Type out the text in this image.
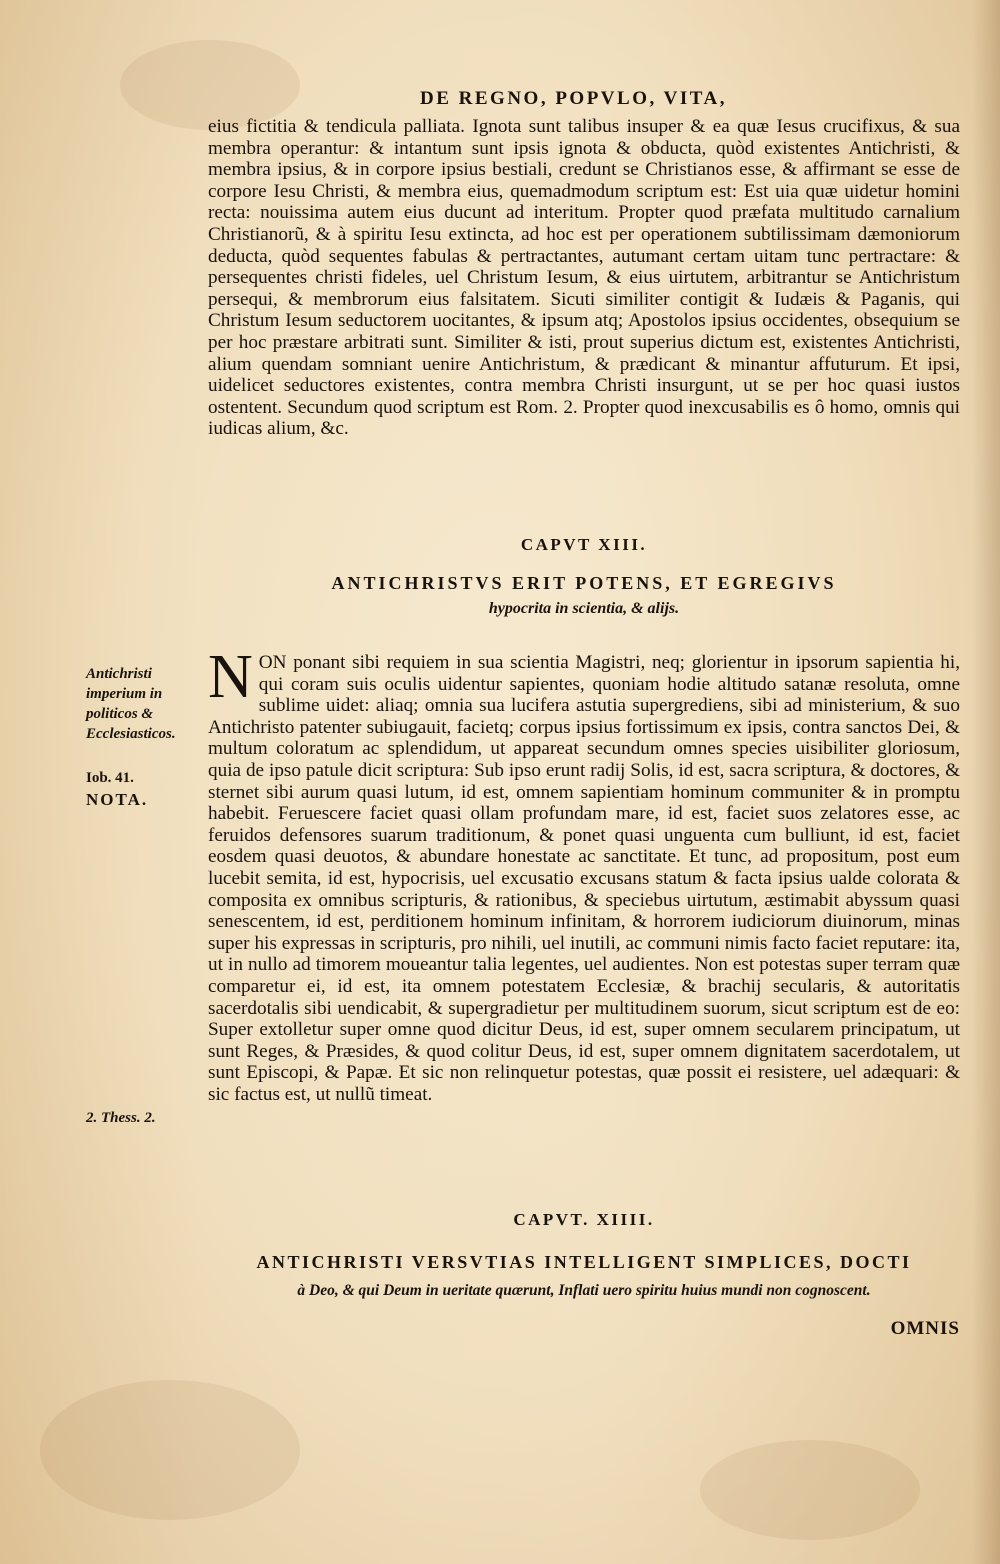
DE REGNO, POPVLO, VITA,

eius fictitia & tendicula palliata. Ignota sunt talibus insuper & ea quæ Iesus crucifixus, & sua membra operantur: & intantum sunt ipsis ignota & obducta, quòd existentes Antichristi, & membra ipsius, & in corpore ipsius bestiali, credunt se Christianos esse, & affirmant se esse de corpore Iesu Christi, & membra eius, quemadmodum scriptum est: Est uia quæ uidetur homini recta: nouissima autem eius ducunt ad interitum. Propter quod præfata multitudo carnalium Christianorũ, & à spiritu Iesu extincta, ad hoc est per operationem subtilissimam dæmoniorum deducta, quòd sequentes fabulas & pertractantes, autumant certam uitam tunc pertractare: & persequentes christi fideles, uel Christum Iesum, & eius uirtutem, arbitrantur se Antichristum persequi, & membrorum eius falsitatem. Sicuti similiter contigit & Iudæis & Paganis, qui Christum Iesum seductorem uocitantes, & ipsum atq; Apostolos ipsius occidentes, obsequium se per hoc præstare arbitrati sunt. Similiter & isti, prout superius dictum est, existentes Antichristi, alium quendam somniant uenire Antichristum, & prædicant & minantur affuturum. Et ipsi, uidelicet seductores existentes, contra membra Christi insurgunt, ut se per hoc quasi iustos ostentent. Secundum quod scriptum est Rom. 2. Propter quod inexcusabilis es ô homo, omnis qui iudicas alium, &c.

CAPVT XIII.
ANTICHRISTVS ERIT POTENS, ET EGREGIVS
hypocrita in scientia, & alijs.
NON ponant sibi requiem in sua scientia Magistri, neq; glorientur in ipsorum sapientia hi, qui coram suis oculis uidentur sapientes, quoniam hodie altitudo satanæ resoluta, omne sublime uidet: aliaq; omnia sua lucifera astutia supergrediens, sibi ad ministerium, & suo Antichristo patenter subiugauit, facietq; corpus ipsius fortissimum ex ipsis, contra sanctos Dei, & multum coloratum ac splendidum, ut appareat secundum omnes species uisibiliter gloriosum, quia de ipso patule dicit scriptura: Sub ipso erunt radij Solis, id est, sacra scriptura, & doctores, & sternet sibi aurum quasi lutum, id est, omnem sapientiam hominum communiter & in promptu habebit. Feruescere faciet quasi ollam profundam mare, id est, faciet suos zelatores esse, ac feruidos defensores suarum traditionum, & ponet quasi unguenta cum bulliunt, id est, faciet eosdem quasi deuotos, & abundare honestate ac sanctitate. Et tunc, ad propositum, post eum lucebit semita, id est, hypocrisis, uel excusatio excusans statum & facta ipsius ualde colorata & composita ex omnibus scripturis, & rationibus, & speciebus uirtutum, æstimabit abyssum quasi senescentem, id est, perditionem hominum infinitam, & horrorem iudiciorum diuinorum, minas super his expressas in scripturis, pro nihili, uel inutili, ac communi nimis facto faciet reputare: ita, ut in nullo ad timorem moueantur talia legentes, uel audientes. Non est potestas super terram quæ comparetur ei, id est, ita omnem potestatem Ecclesiæ, & brachij secularis, & autoritatis sacerdotalis sibi uendicabit, & supergradietur per multitudinem suorum, sicut scriptum est de eo: Super extolletur super omne quod dicitur Deus, id est, super omnem secularem principatum, ut sunt Reges, & Præsides, & quod colitur Deus, id est, super omnem dignitatem sacerdotalem, ut sunt Episcopi, & Papæ. Et sic non relinquetur potestas, quæ possit ei resistere, uel adæquari: & sic factus est, ut nullũ timeat.
Antichristi imperium in politicos & Ecclesiasticos.
Iob. 41.
NOTA.
2. Thess. 2.
CAPVT. XIIII.
ANTICHRISTI VERSVTIAS INTELLIGENT SIMPLICES, DOCTI
à Deo, & qui Deum in ueritate quærunt, Inflati uero spiritu huius mundi non cognoscent.
OMNIS
